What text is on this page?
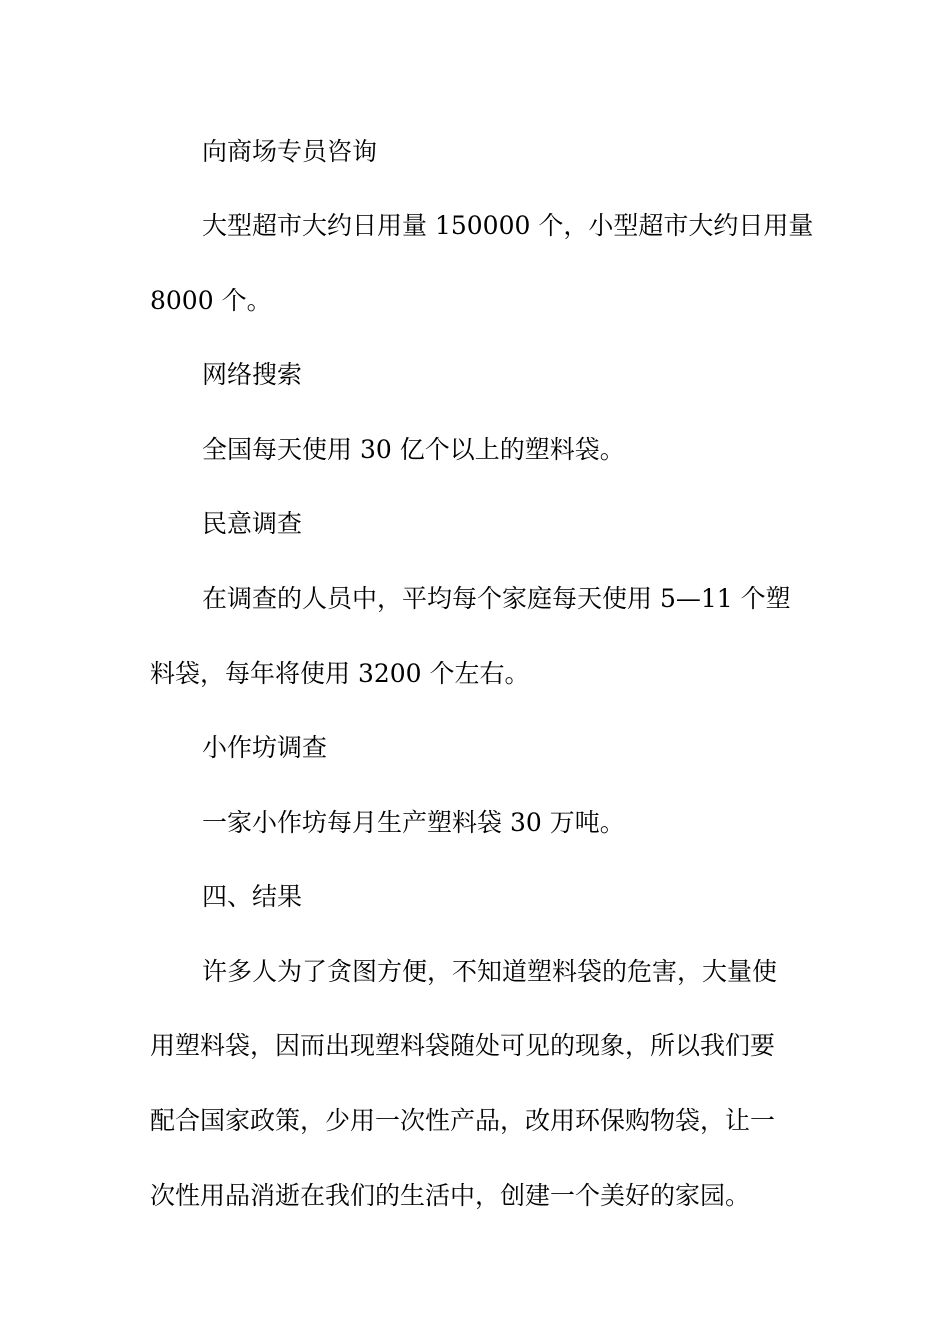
向商场专员咨询
大型超市大约日用量 150000 个，小型超市大约日用量
8000 个。
网络搜索
全国每天使用 30 亿个以上的塑料袋。
民意调查
在调查的人员中，平均每个家庭每天使用 5—11 个塑
料袋，每年将使用 3200 个左右。
小作坊调查
一家小作坊每月生产塑料袋 30 万吨。
四、结果
许多人为了贪图方便，不知道塑料袋的危害，大量使
用塑料袋，因而出现塑料袋随处可见的现象，所以我们要
配合国家政策，少用一次性产品，改用环保购物袋，让一
次性用品消逝在我们的生活中，创建一个美好的家园。
